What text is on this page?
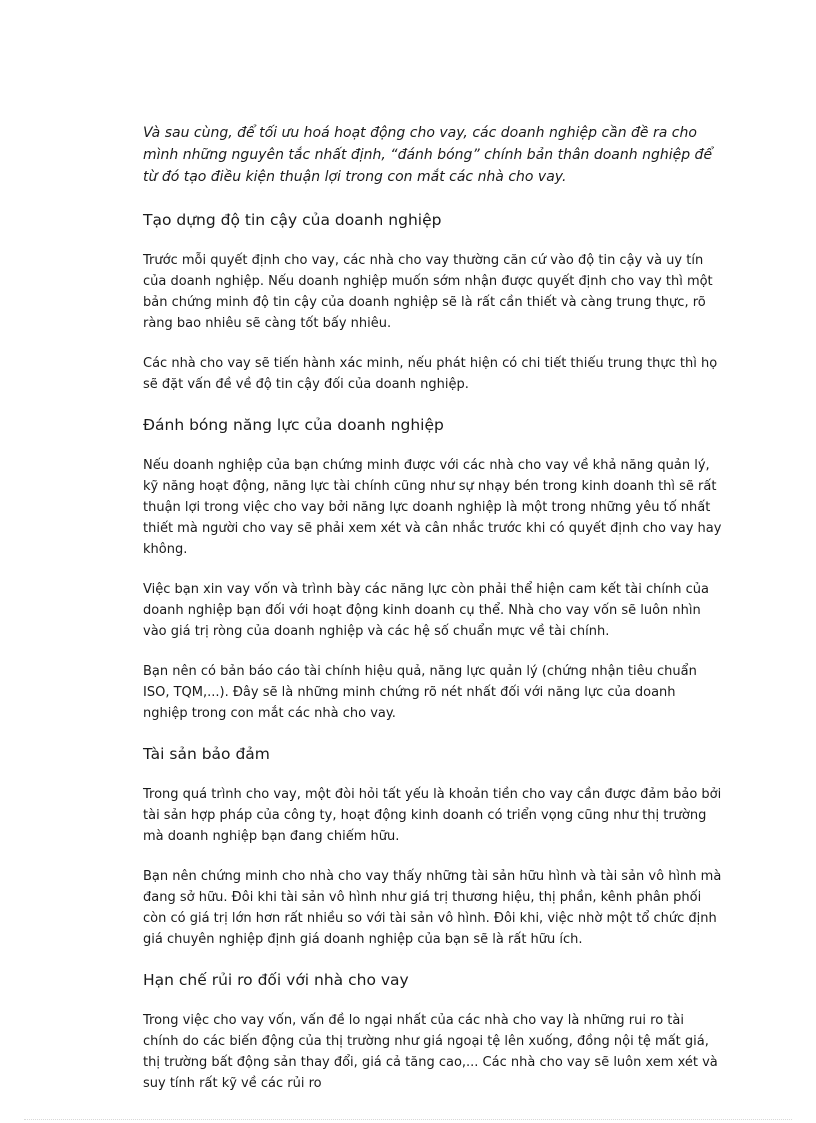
Và sau cùng, để tối ưu hoá hoạt động cho vay, các doanh nghiệp cần đề ra cho mình những nguyên tắc nhất định, “đánh bóng” chính bản thân doanh nghiệp để từ đó tạo điều kiện thuận lợi trong con mắt các nhà cho vay.

Tạo dựng độ tin cậy của doanh nghiệp

Trước mỗi quyết định cho vay, các nhà cho vay thường căn cứ vào độ tin cậy và uy tín của doanh nghiệp. Nếu doanh nghiệp muốn sớm nhận được quyết định cho vay thì một bản chứng minh độ tin cậy của doanh nghiệp sẽ là rất cần thiết và càng trung thực, rõ ràng bao nhiêu sẽ càng tốt bấy nhiêu.

Các nhà cho vay sẽ tiến hành xác minh, nếu phát hiện có chi tiết thiếu trung thực thì họ sẽ đặt vấn đề về độ tin cậy đối của doanh nghiệp.

Đánh bóng năng lực của doanh nghiệp

Nếu doanh nghiệp của bạn chứng minh được với các nhà cho vay về khả năng quản lý, kỹ năng hoạt động, năng lực tài chính cũng như sự nhạy bén trong kinh doanh thì sẽ rất thuận lợi trong việc cho vay bởi năng lực doanh nghiệp là một trong những yêu tố nhất thiết mà người cho vay sẽ phải xem xét và cân nhắc trước khi có quyết định cho vay hay không.

Việc bạn xin vay vốn và trình bày các năng lực còn phải thể hiện cam kết tài chính của doanh nghiệp bạn đối với hoạt động kinh doanh cụ thể. Nhà cho vay vốn sẽ luôn nhìn vào giá trị ròng của doanh nghiệp và các hệ số chuẩn mực về tài chính.

Bạn nên có bản báo cáo tài chính hiệu quả, năng lực quản lý (chứng nhận tiêu chuẩn ISO, TQM,...). Đây sẽ là những minh chứng rõ nét nhất đối với năng lực của doanh nghiệp trong con mắt các nhà cho vay.

Tài sản bảo đảm

Trong quá trình cho vay, một đòi hỏi tất yếu là khoản tiền cho vay cần được đảm bảo bởi tài sản hợp pháp của công ty, hoạt động kinh doanh có triển vọng cũng như thị trường mà doanh nghiệp bạn đang chiếm hữu.

Bạn nên chứng minh cho nhà cho vay thấy những tài sản hữu hình và tài sản vô hình mà đang sở hữu. Đôi khi tài sản vô hình như giá trị thương hiệu, thị phần, kênh phân phối còn có giá trị lớn hơn rất nhiều so với tài sản vô hình. Đôi khi, việc nhờ một tổ chức định giá chuyên nghiệp định giá doanh nghiệp của bạn sẽ là rất hữu ích.

Hạn chế rủi ro đối với nhà cho vay

Trong việc cho vay vốn, vấn đề lo ngại nhất của các nhà cho vay là những rui ro tài chính do các biến động của thị trường như giá ngoại tệ lên xuống, đồng nội tệ mất giá, thị trường bất động sản thay đổi, giá cả tăng cao,... Các nhà cho vay sẽ luôn xem xét và suy tính rất kỹ về các rủi ro
